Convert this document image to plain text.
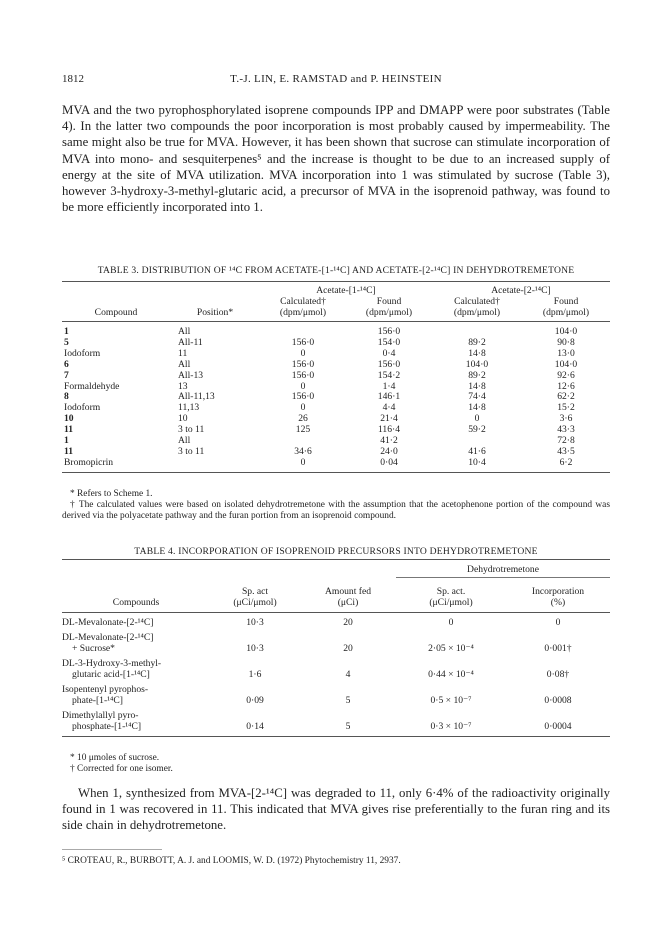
1812	T.-J. LIN, E. RAMSTAD and P. HEINSTEIN

MVA and the two pyrophosphorylated isoprene compounds IPP and DMAPP were poor substrates (Table 4). In the latter two compounds the poor incorporation is most probably caused by impermeability. The same might also be true for MVA. However, it has been shown that sucrose can stimulate incorporation of MVA into mono- and sesquiterpenes⁵ and the increase is thought to be due to an increased supply of energy at the site of MVA utilization. MVA incorporation into 1 was stimulated by sucrose (Table 3), however 3-hydroxy-3-methyl-glutaric acid, a precursor of MVA in the isoprenoid pathway, was found to be more efficiently incorporated into 1.

TABLE 3. DISTRIBUTION OF ¹⁴C FROM ACETATE-[1-¹⁴C] AND ACETATE-[2-¹⁴C] IN DEHYDROTREMETONE

		Acetate-[1-¹⁴C]		Acetate-[2-¹⁴C]	
		Calculated†	Found	Calculated†	Found
Compound	Position*	(dpm/μmol)	(dpm/μmol)	(dpm/μmol)	(dpm/μmol)

1	All		156·0		104·0
5	All-11	156·0	154·0	89·2	90·8
Iodoform	11	0	0·4	14·8	13·0
6	All	156·0	156·0	104·0	104·0
7	All-13	156·0	154·2	89·2	92·6
Formaldehyde	13	0	1·4	14·8	12·6
8	All-11,13	156·0	146·1	74·4	62·2
Iodoform	11,13	0	4·4	14·8	15·2
10	10	26	21·4	0	3·6
11	3 to 11	125	116·4	59·2	43·3
1	All		41·2		72·8
11	3 to 11	34·6	24·0	41·6	43·5
Bromopicrin		0	0·04	10·4	6·2

* Refers to Scheme 1.

† The calculated values were based on isolated dehydrotremetone with the assumption that the acetophenone portion of the compound was derived via the polyacetate pathway and the furan portion from an isoprenoid compound.

TABLE 4. INCORPORATION OF ISOPRENOID PRECURSORS INTO DEHYDROTREMETONE

			Dehydrotremetone	
	Sp. act	Amount fed	Sp. act.	Incorporation
Compounds	(μCi/μmol)	(μCi)	(μCi/μmol)	(%)

DL-Mevalonate-[2-¹⁴C]	10·3	20	0	0

DL-Mevalonate-[2-¹⁴C]
+ Sucrose*	10·3	20	2·05 × 10⁻⁴	0·001†

DL-3-Hydroxy-3-methyl-
glutaric acid-[1-¹⁴C]	1·6	4	0·44 × 10⁻⁴	0·08†

Isopentenyl pyrophos-
phate-[1-¹⁴C]	0·09	5	0·5 × 10⁻⁷	0·0008

Dimethylallyl pyro-
phosphate-[1-¹⁴C]	0·14	5	0·3 × 10⁻⁷	0·0004

* 10 μmoles of sucrose.

† Corrected for one isomer.

When 1, synthesized from MVA-[2-¹⁴C] was degraded to 11, only 6·4% of the radioactivity originally found in 1 was recovered in 11. This indicated that MVA gives rise preferentially to the furan ring and its side chain in dehydrotremetone.

⁵ CROTEAU, R., BURBOTT, A. J. and LOOMIS, W. D. (1972) Phytochemistry 11, 2937.
